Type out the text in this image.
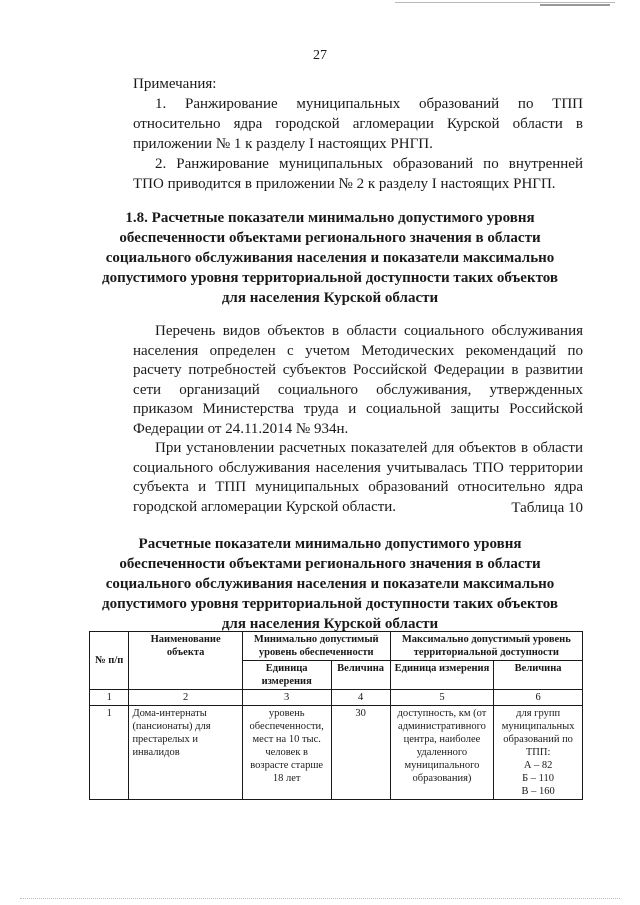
27

Примечания:

1. Ранжирование муниципальных образований по ТПП относительно ядра городской агломерации Курской области в приложении № 1 к разделу I настоящих РНГП.

2. Ранжирование муниципальных образований по внутренней ТПО приводится в приложении № 2 к разделу I настоящих РНГП.

1.8. Расчетные показатели минимально допустимого уровня обеспеченности объектами регионального значения в области социального обслуживания населения и показатели максимально допустимого уровня территориальной доступности таких объектов для населения Курской области

Перечень видов объектов в области социального обслуживания населения определен с учетом Методических рекомендаций по расчету потребностей субъектов Российской Федерации в развитии сети организаций социального обслуживания, утвержденных приказом Министерства труда и социальной защиты Российской Федерации от 24.11.2014 № 934н.

При установлении расчетных показателей для объектов в области социального обслуживания населения учитывалась ТПО территории субъекта и ТПП муниципальных образований относительно ядра городской агломерации Курской области.	Таблица 10
Расчетные показатели минимально допустимого уровня обеспеченности объектами регионального значения в области социального обслуживания населения и показатели максимально допустимого уровня территориальной доступности таких объектов для населения Курской области
№ п/п	Наименование объекта	Минимально допустимый уровень обеспеченности		Максимально допустимый уровень территориальной доступности	
		Единица измерения	Величина	Единица измерения	Величина
1	2	3	4	5	6
1	Дома-интернаты (пансионаты) для престарелых и инвалидов	уровень обеспеченности, мест на 10 тыс. человек в возрасте старше 18 лет	30	доступность, км (от административного центра, наиболее удаленного муниципального образования)	для групп муниципальных образований по ТПП:
А – 82
Б – 110
В – 160
